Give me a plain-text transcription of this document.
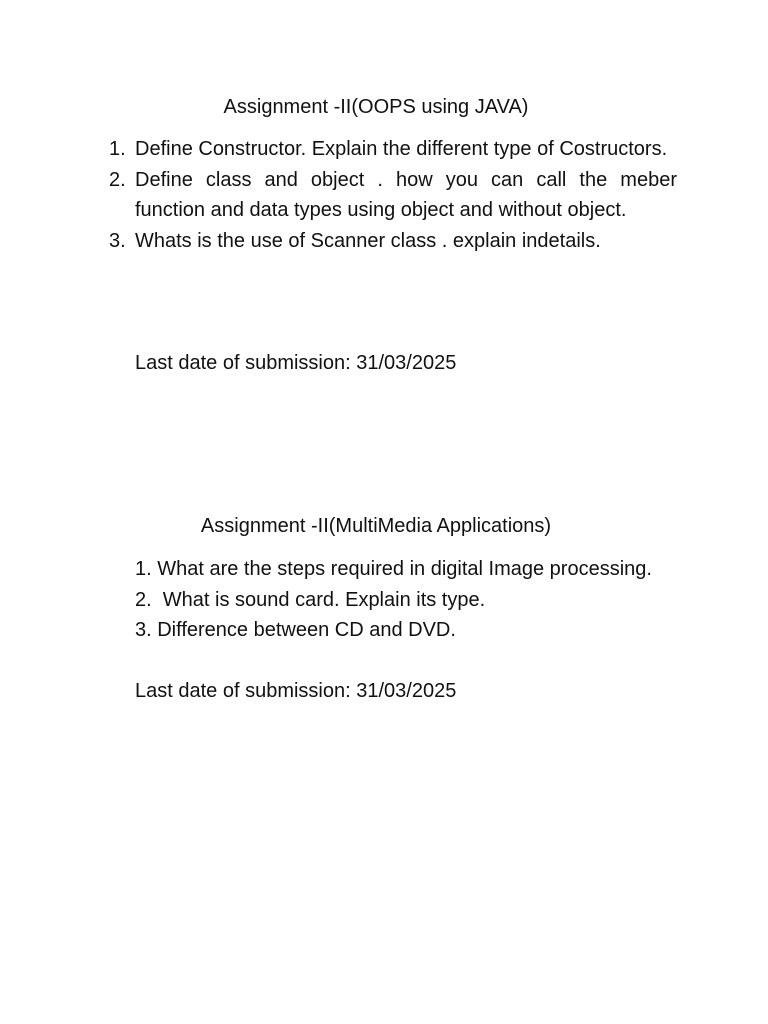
Assignment -II(OOPS using JAVA)
1. Define Constructor. Explain the different type of Costructors.
2. Define class and object . how you can call the meber function and data types using object and without object.
3. Whats is the use of Scanner class . explain indetails.

Last date of submission: 31/03/2025

Assignment -II(MultiMedia Applications)
1. What are the steps required in digital Image processing.
2.  What is sound card. Explain its type.
3. Difference between CD and DVD.

Last date of submission: 31/03/2025
